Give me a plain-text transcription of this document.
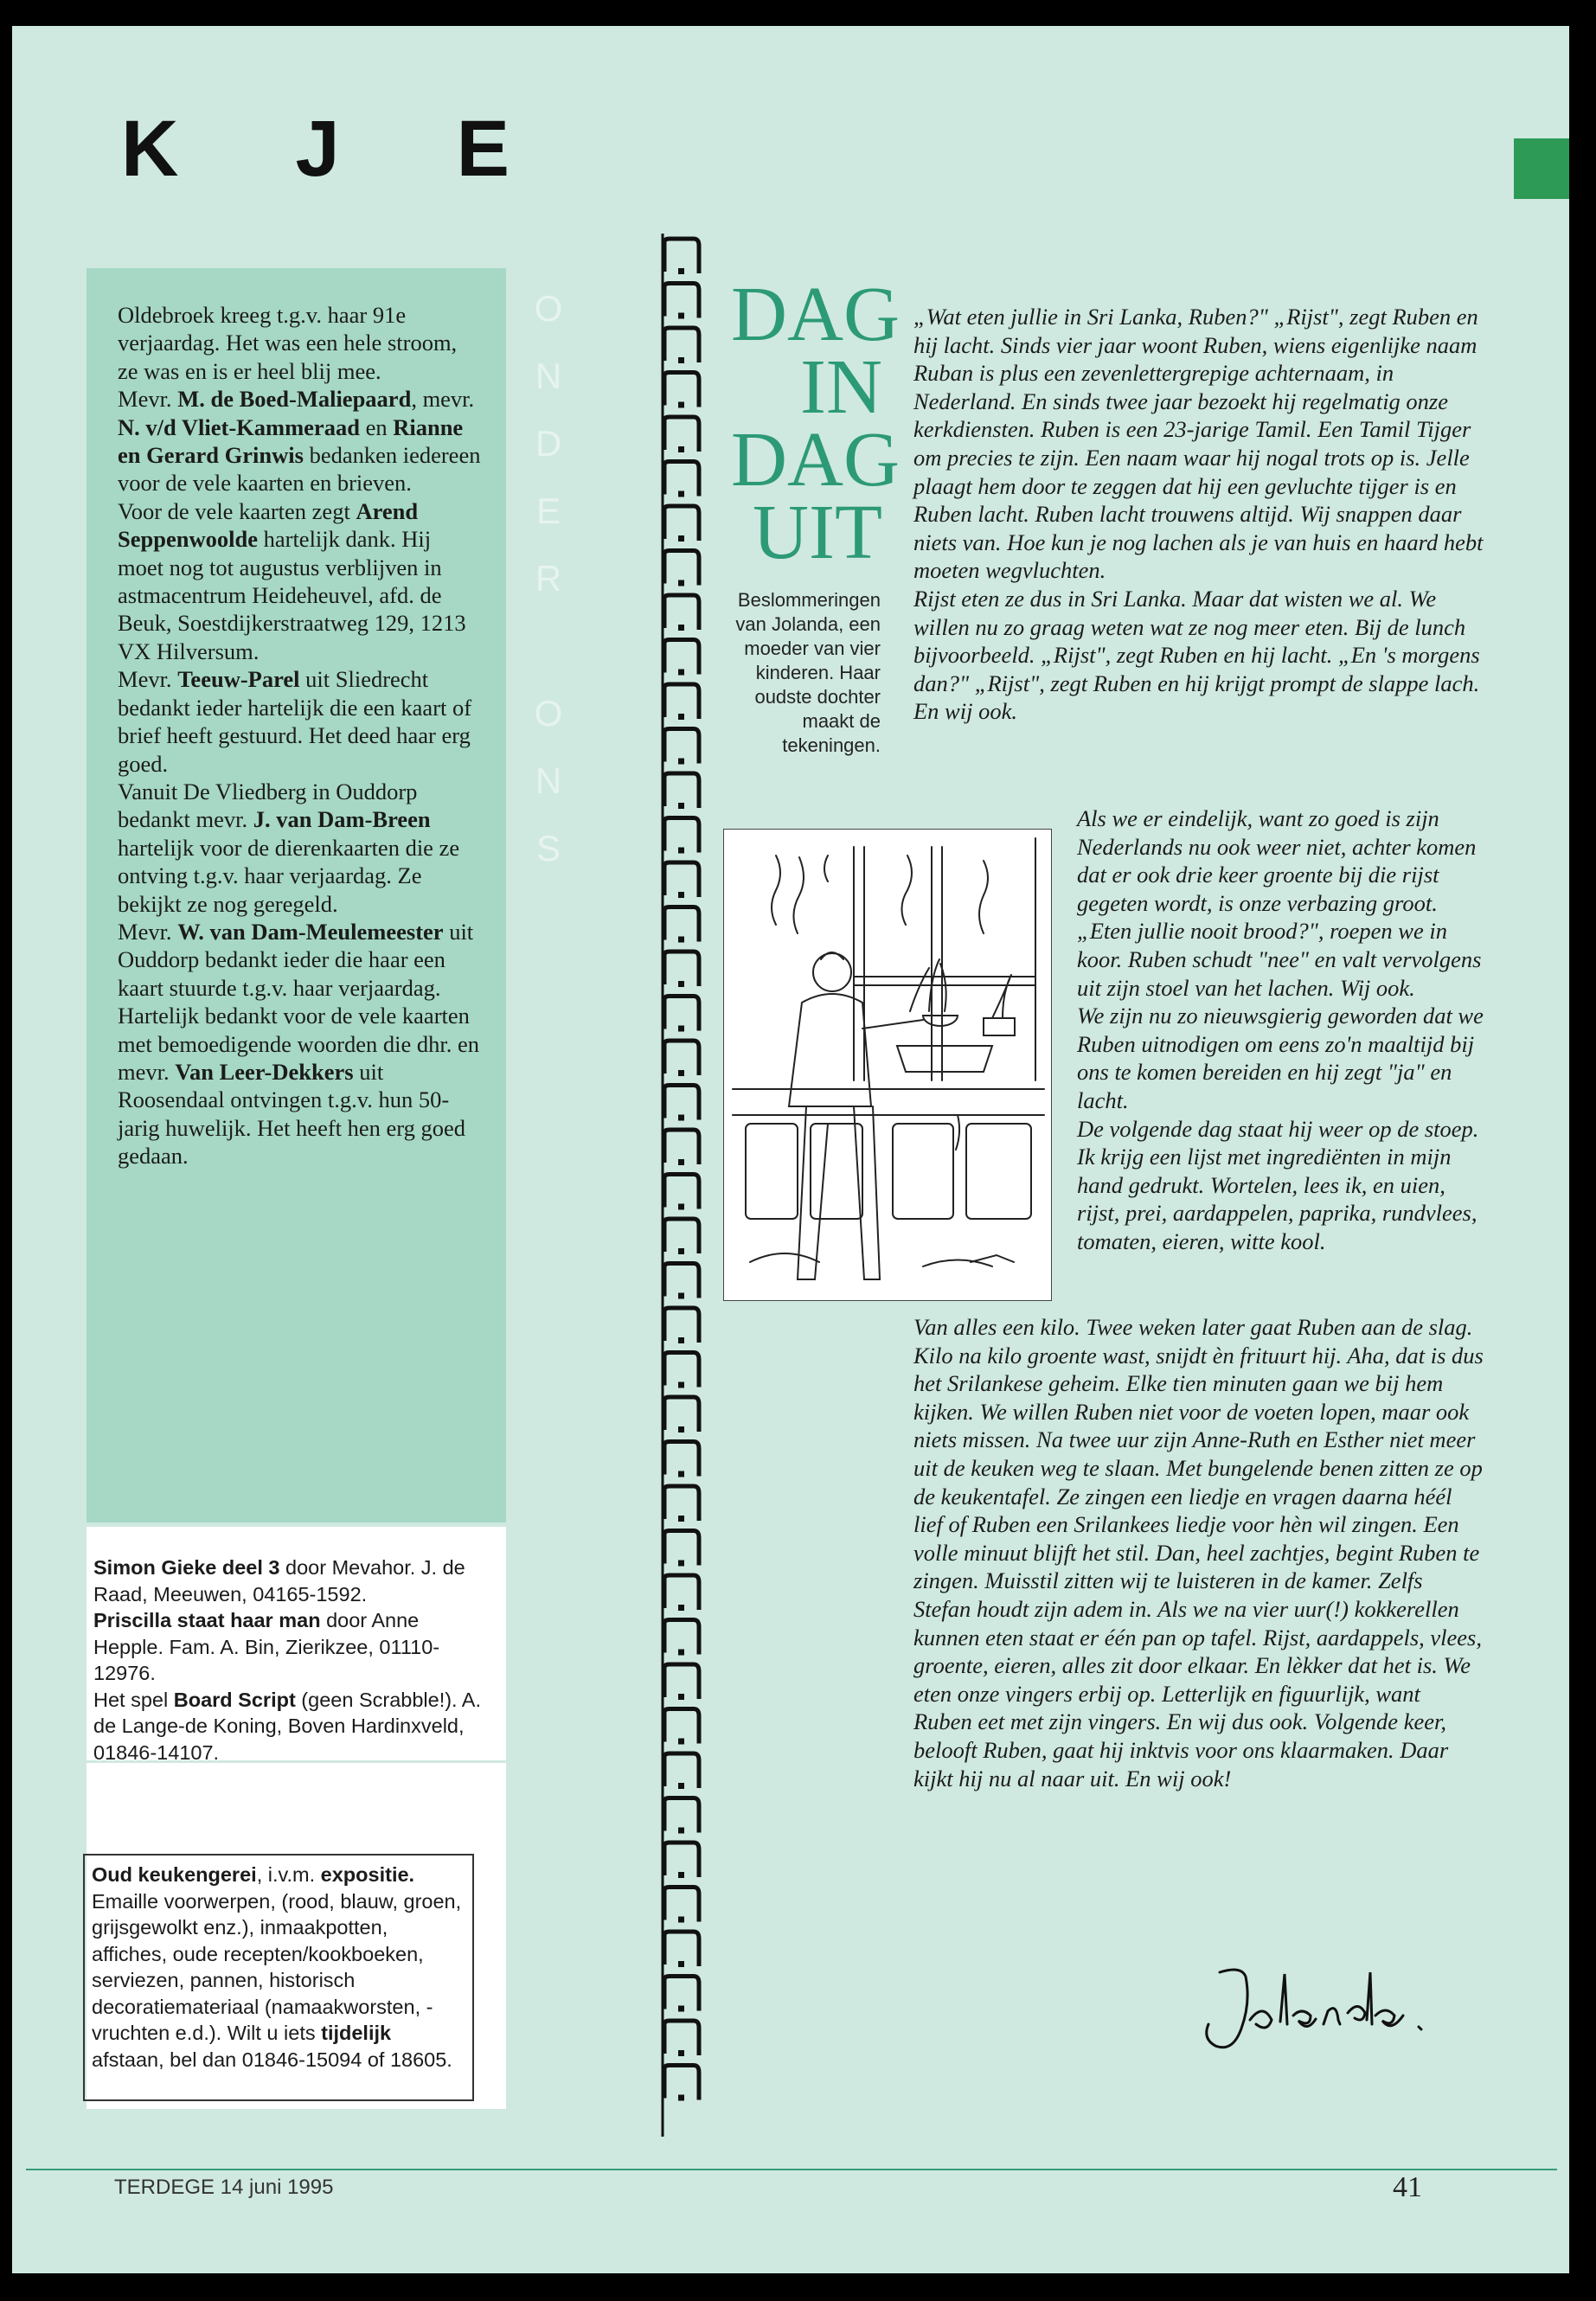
K J E

Oldebroek kreeg t.g.v. haar 91e verjaardag. Het was een hele stroom, ze was en is er heel blij mee.

Mevr. M. de Boed-Maliepaard, mevr. N. v/d Vliet-Kammeraad en Rianne en Gerard Grinwis bedanken iedereen voor de vele kaarten en brieven.

Voor de vele kaarten zegt Arend Seppenwoolde hartelijk dank. Hij moet nog tot augustus verblijven in astmacentrum Heideheuvel, afd. de Beuk, Soestdijkerstraatweg 129, 1213 VX Hilversum.

Mevr. Teeuw-Parel uit Sliedrecht bedankt ieder hartelijk die een kaart of brief heeft gestuurd. Het deed haar erg goed.

Vanuit De Vliedberg in Ouddorp bedankt mevr. J. van Dam-Breen hartelijk voor de dierenkaarten die ze ontving t.g.v. haar verjaardag. Ze bekijkt ze nog geregeld.

Mevr. W. van Dam-Meulemeester uit Ouddorp bedankt ieder die haar een kaart stuurde t.g.v. haar verjaardag.

Hartelijk bedankt voor de vele kaarten met bemoedigende woorden die dhr. en mevr. Van Leer-Dekkers uit Roosendaal ontvingen t.g.v. hun 50-jarig huwelijk. Het heeft hen erg goed gedaan.

O
N
D
E
R
O
N
S

Simon Gieke deel 3 door Mevahor. J. de Raad, Meeuwen, 04165-1592.

Priscilla staat haar man door Anne Hepple. Fam. A. Bin, Zierikzee, 01110-12976.

Het spel Board Script (geen Scrabble!). A. de Lange-de Koning, Boven Hardinxveld, 01846-14107.

Oud keukengerei, i.v.m. expositie. Emaille voorwerpen, (rood, blauw, groen, grijsgewolkt enz.), inmaakpotten, affiches, oude recepten/kookboeken, serviezen, pannen, historisch decoratiemateriaal (namaakworsten, -vruchten e.d.). Wilt u iets tijdelijk afstaan, bel dan 01846-15094 of 18605.

DAG
IN
DAG
UIT
Beslommeringen van Jolanda, een moeder van vier kinderen. Haar oudste dochter maakt de tekeningen.

„Wat eten jullie in Sri Lanka, Ruben?" „Rijst", zegt Ruben en hij lacht. Sinds vier jaar woont Ruben, wiens eigenlijke naam Ruban is plus een zevenlettergrepige achternaam, in Nederland. En sinds twee jaar bezoekt hij regelmatig onze kerkdiensten. Ruben is een 23-jarige Tamil. Een Tamil Tijger om precies te zijn. Een naam waar hij nogal trots op is. Jelle plaagt hem door te zeggen dat hij een gevluchte tijger is en Ruben lacht. Ruben lacht trouwens altijd. Wij snappen daar niets van. Hoe kun je nog lachen als je van huis en haard hebt moeten wegvluchten.

Rijst eten ze dus in Sri Lanka. Maar dat wisten we al. We willen nu zo graag weten wat ze nog meer eten. Bij de lunch bijvoorbeeld. „Rijst", zegt Ruben en hij lacht. „En 's morgens dan?" „Rijst", zegt Ruben en hij krijgt prompt de slappe lach. En wij ook.

Als we er eindelijk, want zo goed is zijn Nederlands nu ook weer niet, achter komen dat er ook drie keer groente bij die rijst gegeten wordt, is onze verbazing groot. „Eten jullie nooit brood?", roepen we in koor. Ruben schudt "nee" en valt vervolgens uit zijn stoel van het lachen. Wij ook.

We zijn nu zo nieuwsgierig geworden dat we Ruben uitnodigen om eens zo'n maaltijd bij ons te komen bereiden en hij zegt "ja" en lacht.

De volgende dag staat hij weer op de stoep. Ik krijg een lijst met ingrediënten in mijn hand gedrukt. Wortelen, lees ik, en uien, rijst, prei, aardappelen, paprika, rundvlees, tomaten, eieren, witte kool.

Van alles een kilo. Twee weken later gaat Ruben aan de slag. Kilo na kilo groente wast, snijdt èn frituurt hij. Aha, dat is dus het Srilankese geheim. Elke tien minuten gaan we bij hem kijken. We willen Ruben niet voor de voeten lopen, maar ook niets missen. Na twee uur zijn Anne-Ruth en Esther niet meer uit de keuken weg te slaan. Met bungelende benen zitten ze op de keukentafel. Ze zingen een liedje en vragen daarna héél lief of Ruben een Srilankees liedje voor hèn wil zingen. Een volle minuut blijft het stil. Dan, heel zachtjes, begint Ruben te zingen. Muisstil zitten wij te luisteren in de kamer. Zelfs Stefan houdt zijn adem in. Als we na vier uur(!) kokkerellen kunnen eten staat er één pan op tafel. Rijst, aardappels, vlees, groente, eieren, alles zit door elkaar. En lèkker dat het is. We eten onze vingers erbij op. Letterlijk en figuurlijk, want Ruben eet met zijn vingers. En wij dus ook. Volgende keer, belooft Ruben, gaat hij inktvis voor ons klaarmaken. Daar kijkt hij nu al naar uit. En wij ook!

TERDEGE 14 juni 1995	41
